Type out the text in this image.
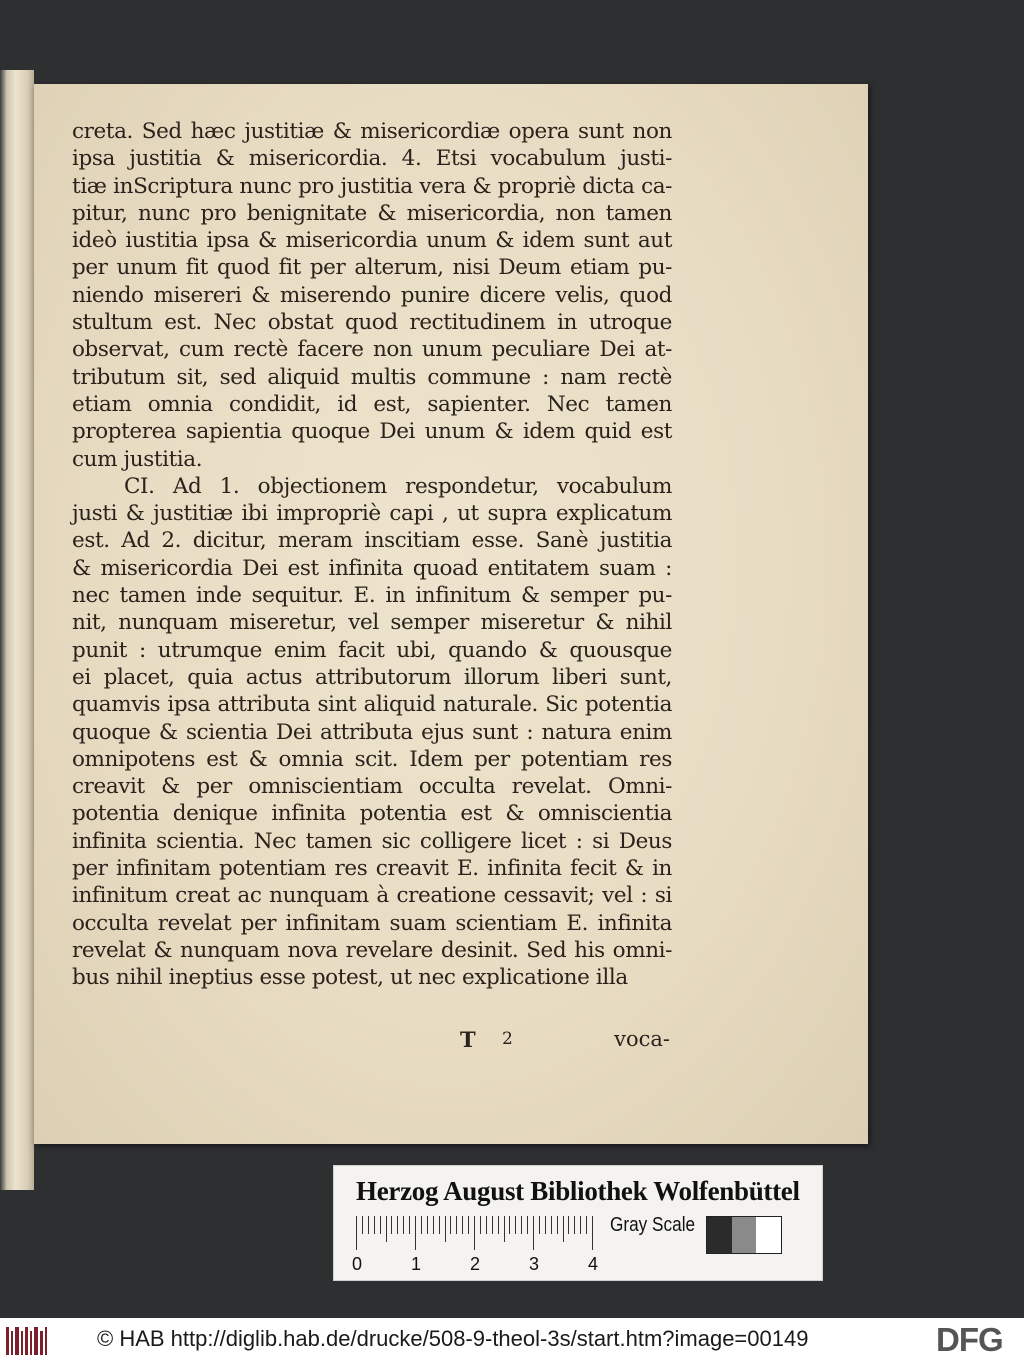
creta. Sed hæc justitiæ & misericordiæ opera sunt non
ipsa justitia & misericordia. 4. Etsi vocabulum justi-
tiæ inScriptura nunc pro justitia vera & propriè dicta ca-
pitur, nunc pro benignitate & misericordia, non tamen
ideò iustitia ipsa & misericordia unum & idem sunt aut
per unum fit quod fit per alterum, nisi Deum etiam pu-
niendo misereri & miserendo punire dicere velis, quod
stultum est. Nec obstat quod rectitudinem in utroque
observat, cum rectè facere non unum peculiare Dei at-
tributum sit, sed aliquid multis commune : nam rectè
etiam omnia condidit, id est, sapienter. Nec tamen
propterea sapientia quoque Dei unum & idem quid est
cum justitia.
CI. Ad 1. objectionem respondetur, vocabulum
justi & justitiæ ibi impropriè capi , ut supra explicatum
est. Ad 2. dicitur, meram inscitiam esse. Sanè justitia
& misericordia Dei est infinita quoad entitatem suam :
nec tamen inde sequitur. E. in infinitum & semper pu-
nit, nunquam miseretur, vel semper miseretur & nihil
punit : utrumque enim facit ubi, quando & quousque
ei placet, quia actus attributorum illorum liberi sunt,
quamvis ipsa attributa sint aliquid naturale. Sic potentia
quoque & scientia Dei attributa ejus sunt : natura enim
omnipotens est & omnia scit. Idem per potentiam res
creavit & per omniscientiam occulta revelat. Omni-
potentia denique infinita potentia est & omniscientia
infinita scientia. Nec tamen sic colligere licet : si Deus
per infinitam potentiam res creavit E. infinita fecit & in
infinitum creat ac nunquam à creatione cessavit; vel : si
occulta revelat per infinitam suam scientiam E. infinita
revelat & nunquam nova revelare desinit. Sed his omni-
bus nihil ineptius esse potest, ut nec explicatione illa
T 2	voca-
Herzog August Bibliothek Wolfenbüttel
0	1	2	3	4
Gray Scale
© HAB http://diglib.hab.de/drucke/508-9-theol-3s/start.htm?image=00149	DFG
